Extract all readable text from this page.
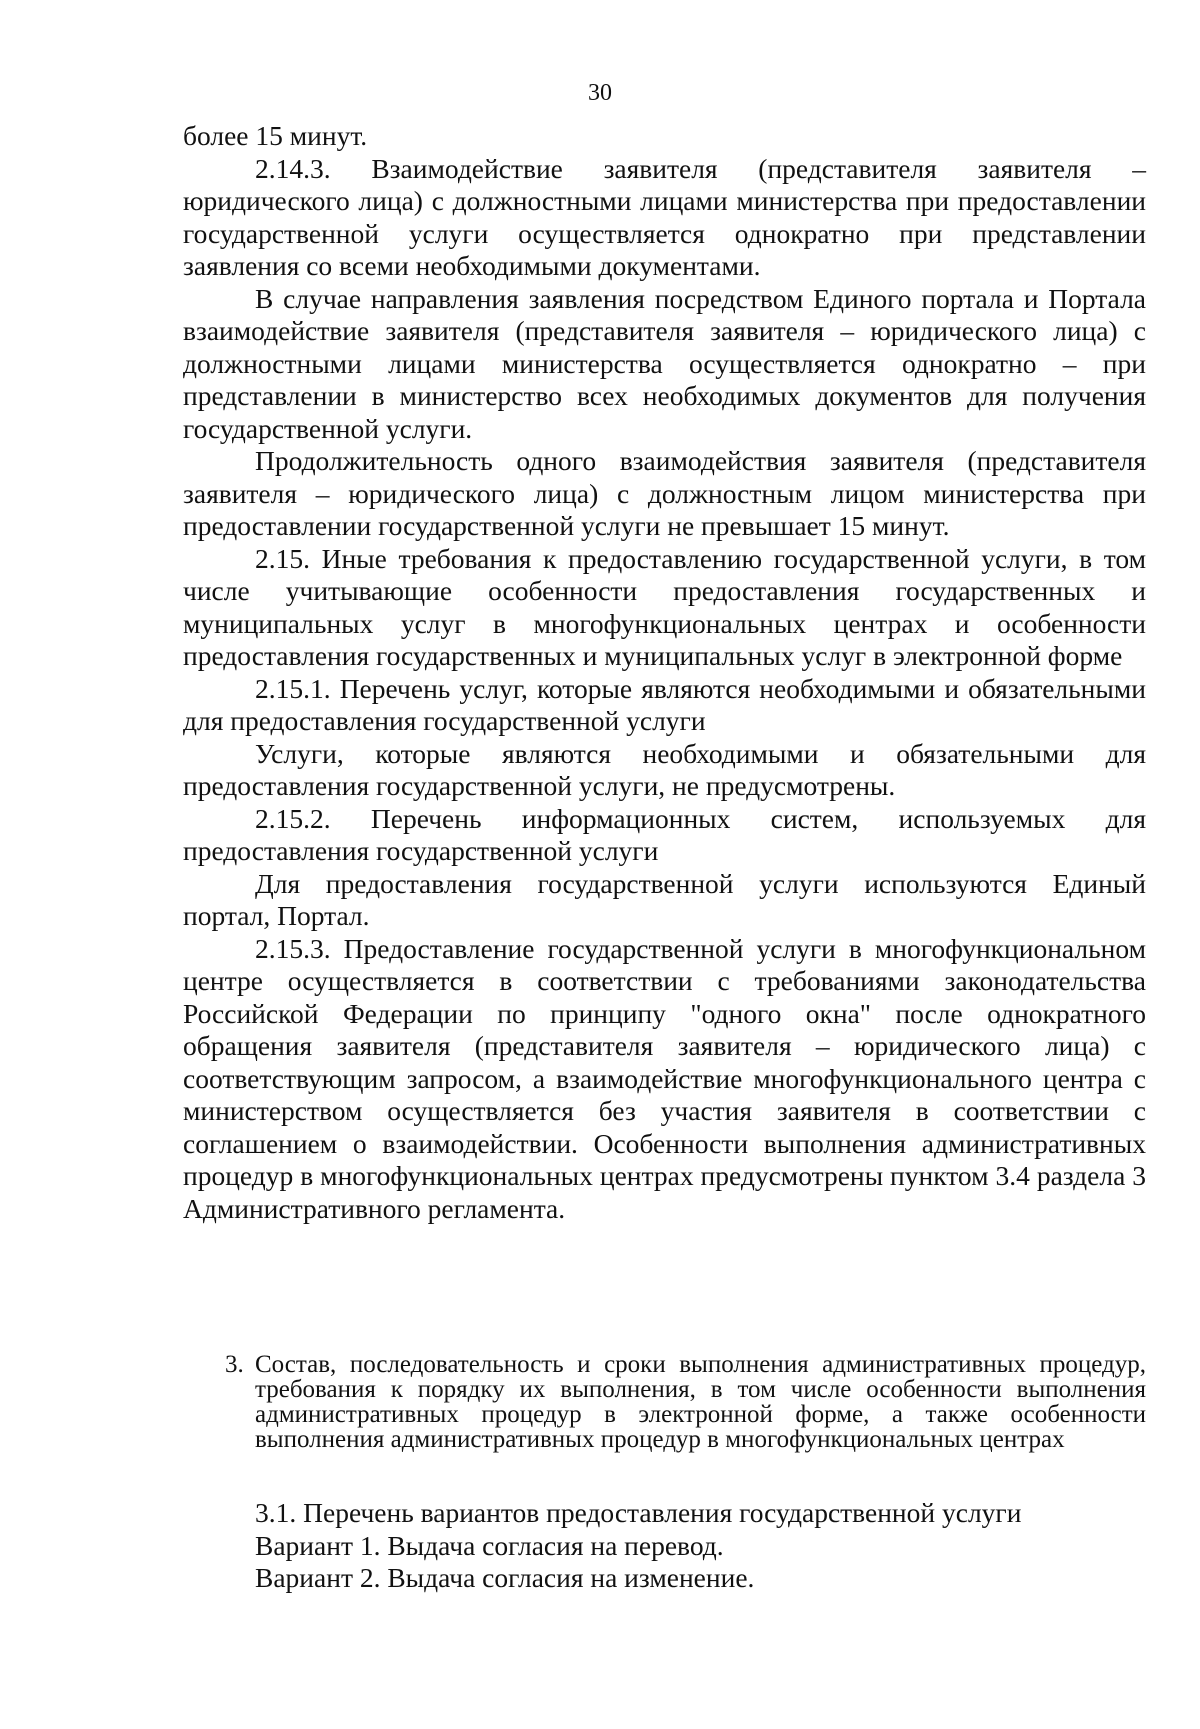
30

более 15 минут.

2.14.3. Взаимодействие заявителя (представителя заявителя – юридического лица) с должностными лицами министерства при предоставлении государственной услуги осуществляется однократно при представлении заявления со всеми необходимыми документами.

В случае направления заявления посредством Единого портала и Портала взаимодействие заявителя (представителя заявителя – юридического лица) с должностными лицами министерства осуществляется однократно – при представлении в министерство всех необходимых документов для получения государственной услуги.

Продолжительность одного взаимодействия заявителя (представителя заявителя – юридического лица) с должностным лицом министерства при предоставлении государственной услуги не превышает 15 минут.

2.15. Иные требования к предоставлению государственной услуги, в том числе учитывающие особенности предоставления государственных и муниципальных услуг в многофункциональных центрах и особенности предоставления государственных и муниципальных услуг в электронной форме

2.15.1. Перечень услуг, которые являются необходимыми и обязательными для предоставления государственной услуги

Услуги, которые являются необходимыми и обязательными для предоставления государственной услуги, не предусмотрены.

2.15.2. Перечень информационных систем, используемых для предоставления государственной услуги

Для предоставления государственной услуги используются Единый портал, Портал.

2.15.3. Предоставление государственной услуги в многофункциональном центре осуществляется в соответствии с требованиями законодательства Российской Федерации по принципу "одного окна" после однократного обращения заявителя (представителя заявителя – юридического лица) с соответствующим запросом, а взаимодействие многофункционального центра с министерством осуществляется без участия заявителя в соответствии с соглашением о взаимодействии. Особенности выполнения административных процедур в многофункциональных центрах предусмотрены пунктом 3.4 раздела 3 Административного регламента.

3. Состав, последовательность и сроки выполнения административных процедур, требования к порядку их выполнения, в том числе особенности выполнения административных процедур в электронной форме, а также особенности выполнения административных процедур в многофункциональных центрах
3.1. Перечень вариантов предоставления государственной услуги
Вариант 1. Выдача согласия на перевод.
Вариант 2. Выдача согласия на изменение.
